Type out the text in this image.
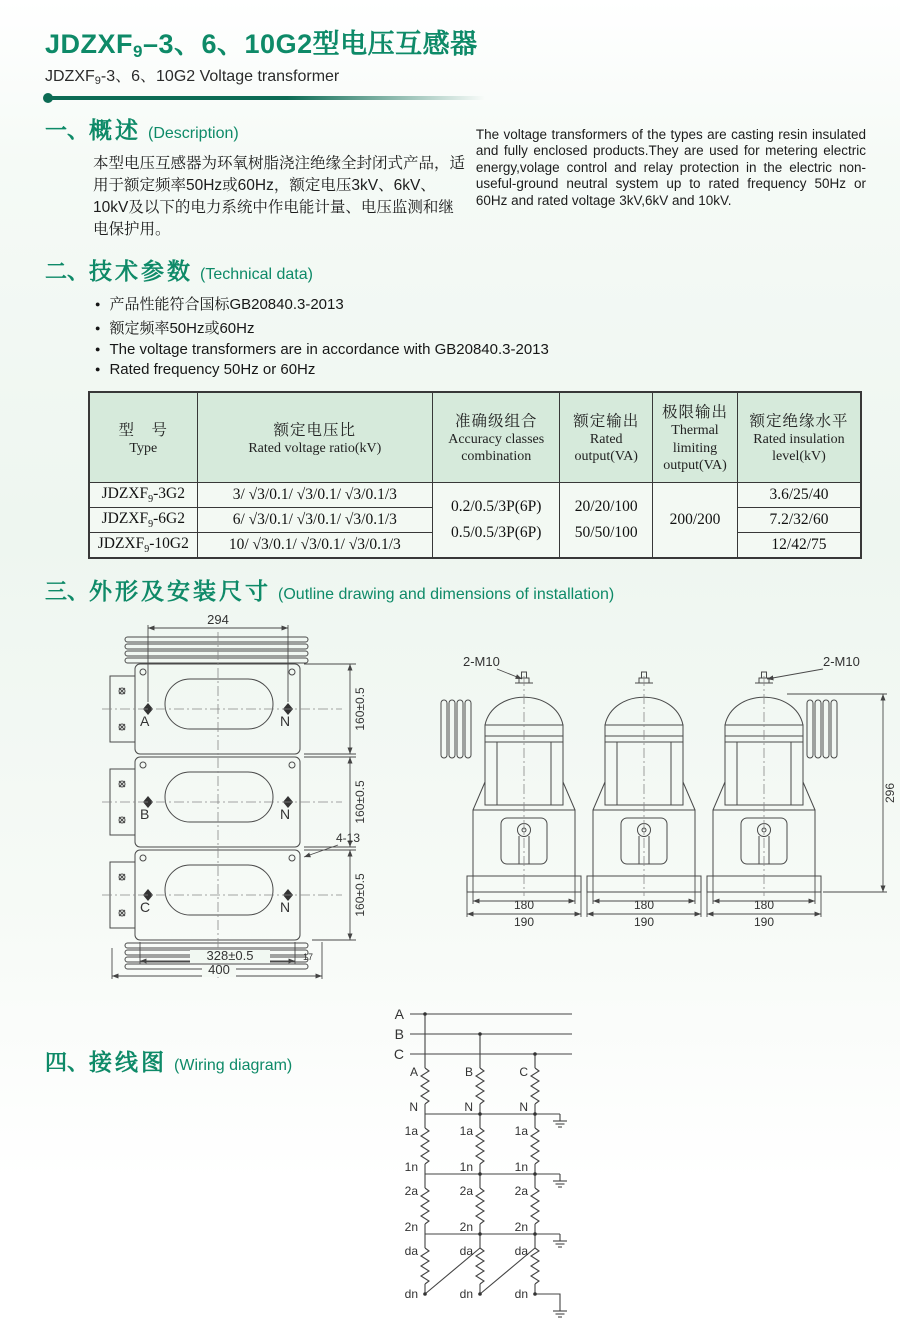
JDZXF9–3、6、10G2型电压互感器
JDZXF9-3、6、10G2 Voltage transformer
一、 概述 (Description)

本型电压互感器为环氧树脂浇注绝缘全封闭式产品，适用于额定频率50Hz或60Hz，额定电压3kV、6kV、10kV及以下的电力系统中作电能计量、电压监测和继电保护用。

The voltage transformers of the types are casting resin insulated and fully enclosed products.They are used for metering electric energy,volage control and relay protection in the electric non-useful-ground neutral system up to rated frequency 50Hz or 60Hz and rated voltage 3kV,6kV and 10kV.

二、 技术参数 (Technical data)
● 产品性能符合国标GB20840.3-2013
● 额定频率50Hz或60Hz
● The voltage transformers are in accordance with GB20840.3-2013
● Rated frequency 50Hz or 60Hz
型　号
Type

额定电压比
Rated voltage ratio(kV)

准确级组合
Accuracy classes combination

额定输出
Rated output(VA)

极限输出
Thermal limiting output(VA)

额定绝缘水平
Rated insulation level(kV)

$JDZXF_9-3G2$	3/ √3/0.1/ √3/0.1/ √3/0.1/3	
0.2/0.5/3P(6P)
0.5/0.5/3P(6P)

20/20/100
50/50/100
	200/200	3.6/25/40
$JDZXF_9-6G2$	6/ √3/0.1/ √3/0.1/ √3/0.1/3				7.2/32/60
$JDZXF_9-10G2$	10/ √3/0.1/ √3/0.1/ √3/0.1/3				12/42/75
三、 外形及安装尺寸 (Outline drawing and dimensions of installation)
294
A	N
B	N
C	N
160±0.5
160±0.5
160±0.5
4-13
328±0.5	17
400
2-M10	2-M10
296
180
190
180
190
180
190
四、 接线图 (Wiring diagram)
A
B
C
A	B	C
N	N	N
1a	1a	1a
1n	1n	1n
2a	2a	2a
2n	2n	2n
da	da	da
dn	dn	dn
